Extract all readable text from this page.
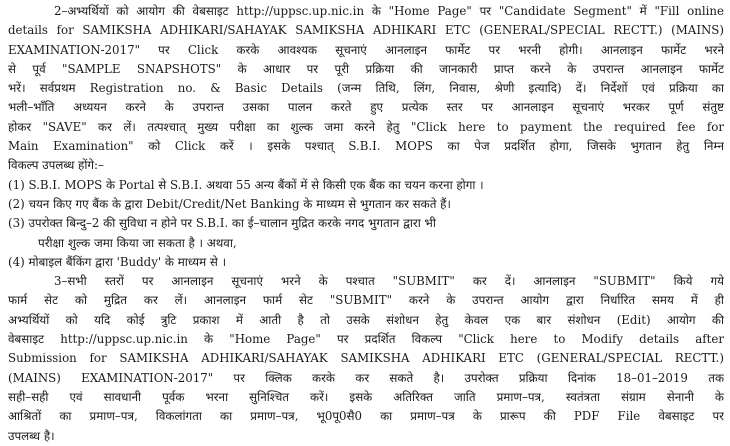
2–अभ्यर्थियों को आयोग की वेबसाइट http://uppsc.up.nic.in के "Home Page" पर "Candidate Segment" में "Fill online
details for SAMIKSHA ADHIKARI/SAHAYAK SAMIKSHA ADHIKARI ETC (GENERAL/SPECIAL RECTT.) (MAINS)
EXAMINATION-2017" पर Click करके आवश्यक सूचनाएं आनलाइन फार्मेट पर भरनी होगी। आनलाइन फार्मेट भरने
से पूर्व "SAMPLE SNAPSHOTS" के आधार पर पूरी प्रक्रिया की जानकारी प्राप्त करने के उपरान्त आनलाइन फार्मेट
भरें। सर्वप्रथम Registration no. & Basic Details (जन्म तिथि, लिंग, निवास, श्रेणी इत्यादि) दें। निर्देशों एवं प्रक्रिया का
भली–भाँति अध्ययन करने के उपरान्त उसका पालन करते हुए प्रत्येक स्तर पर आनलाइन सूचनाएं भरकर पूर्ण संतुष्ट
होकर "SAVE" कर लें। तत्पश्चात् मुख्य परीक्षा का शुल्क जमा करने हेतु "Click here to payment the required fee for
Main Examination" को Click करें । इसके पश्चात् S.B.I. MOPS का पेज प्रदर्शित होगा, जिसके भुगतान हेतु निम्न
विकल्प उपलब्ध होंगे:–
(1) S.B.I. MOPS के Portal से S.B.I. अथवा 55 अन्य बैंकों में से किसी एक बैंक का चयन करना होगा ।
(2) चयन किए गए बैंक के द्वारा Debit/Credit/Net Banking के माध्यम से भुगतान कर सकते हैं।
(3) उपरोक्त बिन्दु–2 की सुविधा न होने पर S.B.I. का ई–चालान मुद्रित करके नगद भुगतान द्वारा भी
परीक्षा शुल्क जमा किया जा सकता है । अथवा,
(4) मोबाइल बैंकिंग द्वारा 'Buddy' के माध्यम से ।
3–सभी स्तरों पर आनलाइन सूचनाएं भरने के पश्चात "SUBMIT" कर दें। आनलाइन "SUBMIT" किये गये
फार्म सेट को मुद्रित कर लें। आनलाइन फार्म सेट "SUBMIT" करने के उपरान्त आयोग द्वारा निर्धारित समय में ही
अभ्यर्थियों को यदि कोई त्रुटि प्रकाश में आती है तो उसके संशोधन हेतु केवल एक बार संशोधन (Edit) आयोग की
वेबसाइट http://uppsc.up.nic.in के "Home Page" पर प्रदर्शित विकल्प "Click here to Modify details after
Submission for SAMIKSHA ADHIKARI/SAHAYAK SAMIKSHA ADHIKARI ETC (GENERAL/SPECIAL RECTT.)
(MAINS) EXAMINATION-2017" पर क्लिक करके कर सकते है। उपरोक्त प्रक्रिया दिनांक 18–01–2019 तक
सही–सही एवं सावधानी पूर्वक भरना सुनिश्चित करें। इसके अतिरिक्त जाति प्रमाण–पत्र, स्वतंत्रता संग्राम सेनानी के
आश्रितों का प्रमाण–पत्र, विकलांगता का प्रमाण–पत्र, भू0पू0सै0 का प्रमाण–पत्र के प्रारूप की PDF File वेबसाइट पर
उपलब्ध है।
